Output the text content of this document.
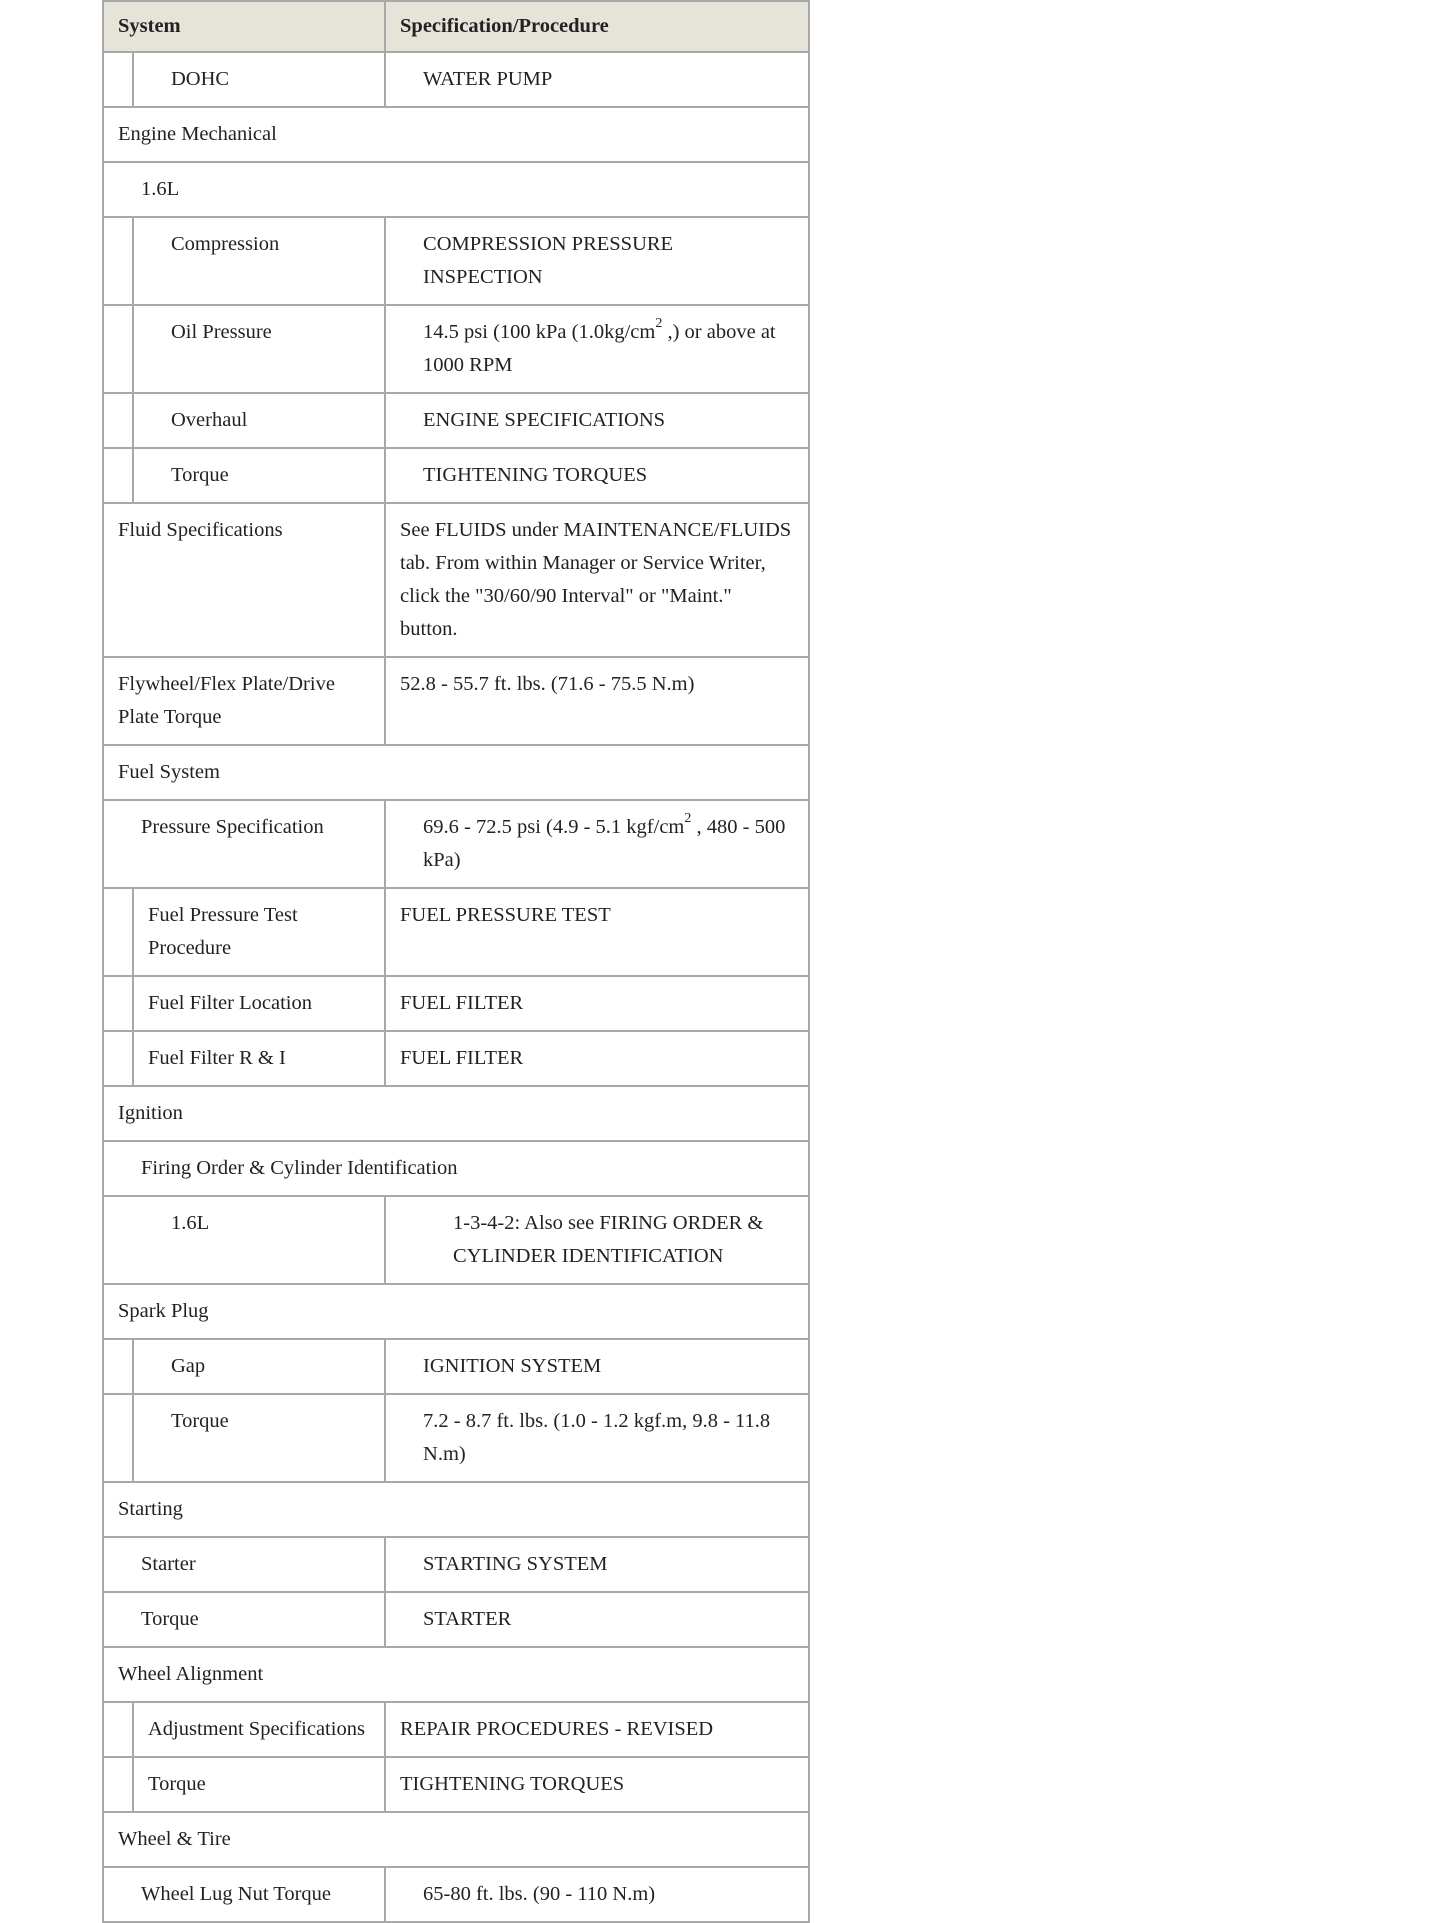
System		Specification/Procedure
	DOHC	WATER PUMP
Engine Mechanical		
1.6L		
	Compression	COMPRESSION PRESSURE INSPECTION
	Oil Pressure	14.5 psi (100 kPa ($1.0kg/cm^2$ ,) or above at 1000 RPM
	Overhaul	ENGINE SPECIFICATIONS
	Torque	TIGHTENING TORQUES
Fluid Specifications		See FLUIDS under MAINTENANCE/FLUIDS tab. From within Manager or Service Writer, click the "30/60/90 Interval" or "Maint." button.
Flywheel/Flex Plate/Drive Plate Torque		52.8 - 55.7 ft. lbs. (71.6 - 75.5 N.m)
Fuel System		
Pressure Specification		69.6 - 72.5 psi (4.9 - 5.1 kgf/$cm^2$ , 480 - 500 kPa)
	Fuel Pressure Test Procedure	FUEL PRESSURE TEST
	Fuel Filter Location	FUEL FILTER
	Fuel Filter R & I	FUEL FILTER
Ignition		
Firing Order & Cylinder Identification		
1.6L		1-3-4-2: Also see FIRING ORDER & CYLINDER IDENTIFICATION
Spark Plug		
	Gap	IGNITION SYSTEM
	Torque	7.2 - 8.7 ft. lbs. (1.0 - 1.2 kgf.m, 9.8 - 11.8 N.m)
Starting		
Starter		STARTING SYSTEM
Torque		STARTER
Wheel Alignment		
	Adjustment Specifications	REPAIR PROCEDURES - REVISED
	Torque	TIGHTENING TORQUES
Wheel & Tire		
Wheel Lug Nut Torque		65-80 ft. lbs. (90 - 110 N.m)
